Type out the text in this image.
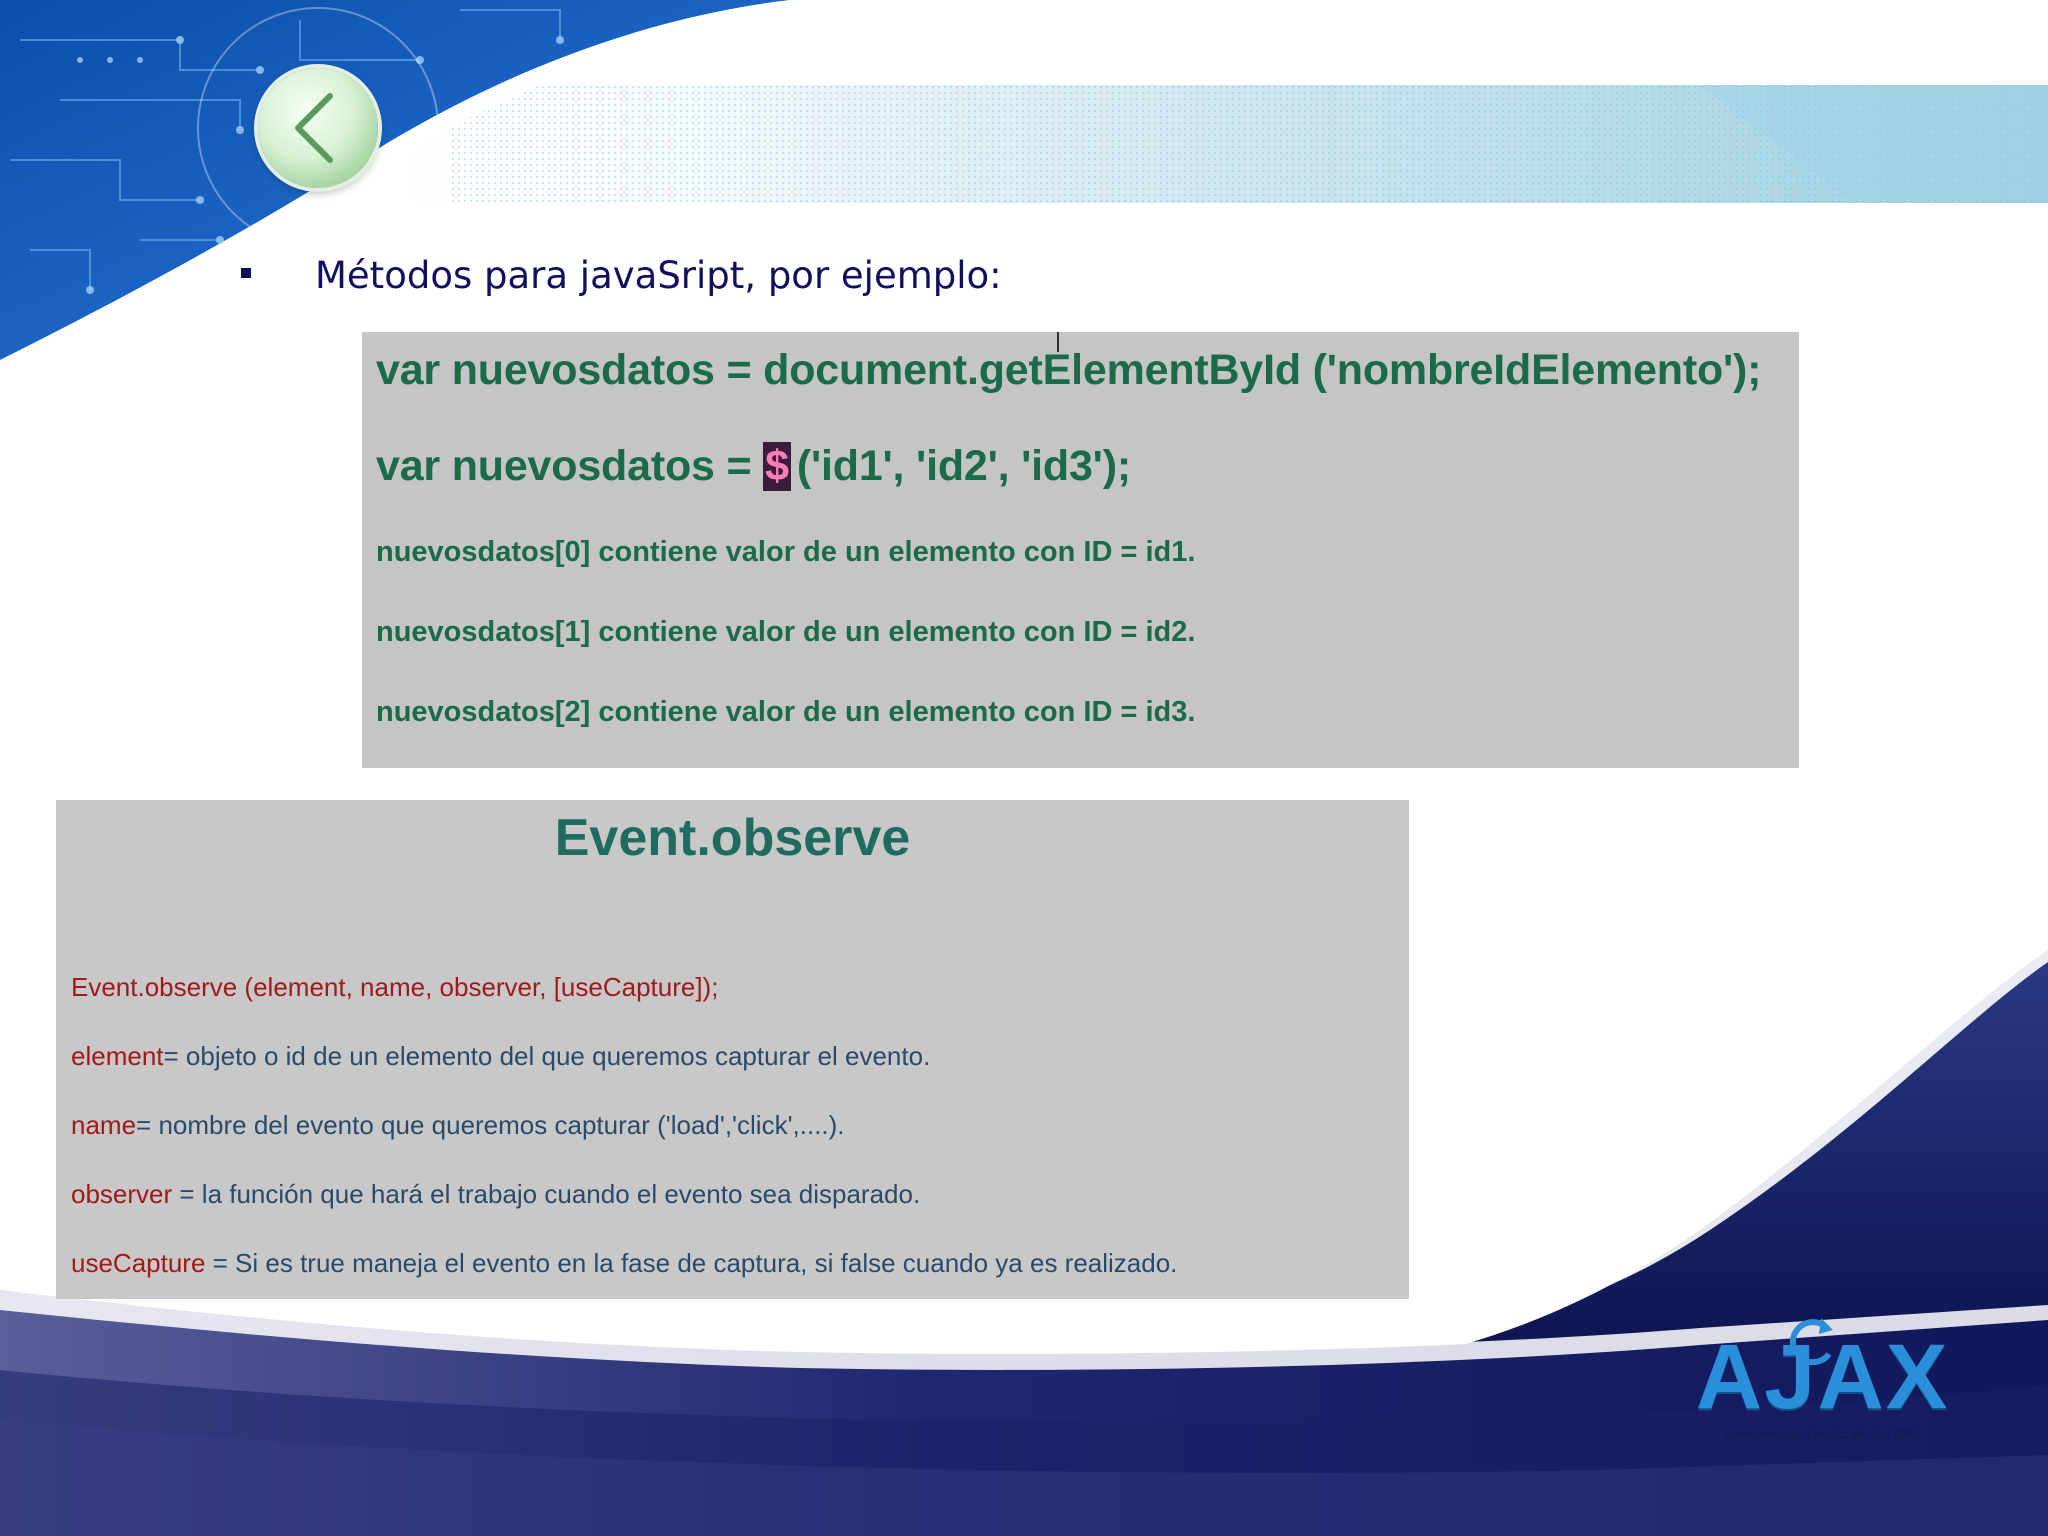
Métodos para javaSript, por ejemplo:
var nuevosdatos = document.getElementById ('nombreIdElemento');
var nuevosdatos = $ ('id1', 'id2', 'id3');
nuevosdatos[0] contiene valor de un elemento con ID = id1.
nuevosdatos[1] contiene valor de un elemento con ID = id2.
nuevosdatos[2] contiene valor de un elemento con ID = id3.
Event.observe
Event.observe (element, name, observer, [useCapture]);
element= objeto o id de un elemento del que queremos capturar el evento.
name= nombre del evento que queremos capturar ('load','click',....).
observer = la función que hará el trabajo cuando el evento sea disparado.
useCapture = Si es true maneja el evento en la fase de captura, si false cuando ya es realizado.
AJAX
Asynchronous JavaScript And XML
